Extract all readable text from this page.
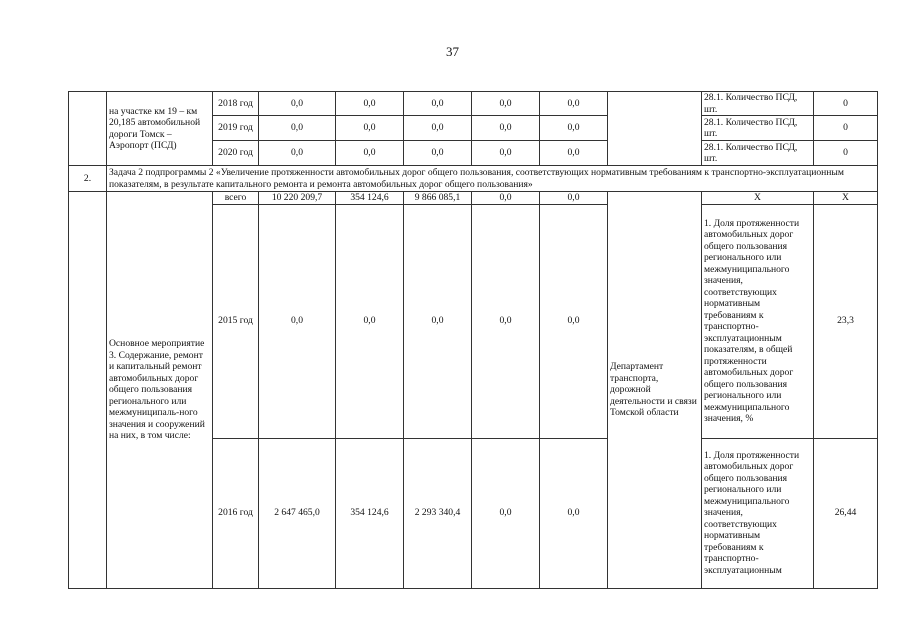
37
	на участке км 19 – км 20,185 автомобильной дороги Томск – Аэропорт (ПСД)	2018 год	0,0	0,0	0,0	0,0	0,0		28.1. Количество ПСД, шт.	0
		2019 год	0,0	0,0	0,0	0,0	0,0		28.1. Количество ПСД, шт.	0
		2020 год	0,0	0,0	0,0	0,0	0,0		28.1. Количество ПСД, шт.	0
2.	Задача 2 подпрограммы 2 «Увеличение протяженности автомобильных дорог общего пользования, соответствующих нормативным требованиям к транспортно-эксплуатационным показателям, в результате капитального ремонта и ремонта автомобильных дорог общего пользования»									
	Основное мероприятие 3. Содержание, ремонт и капитальный ремонт автомобильных дорог общего пользования регионального или межмуниципаль-ного значения и сооружений на них, в том числе:	всего	10 220 209,7	354 124,6	9 866 085,1	0,0	0,0	Департамент транспорта, дорожной деятельности и связи Томской области	X	X
		2015 год	0,0	0,0	0,0	0,0	0,0		1. Доля протяженности автомобильных дорог общего пользования регионального или межмуниципального значения, соответствующих нормативным требованиям к транспортно-эксплуатационным показателям, в общей протяженности автомобильных дорог общего пользования регионального или межмуниципального значения, %	23,3
		2016 год	2 647 465,0	354 124,6	2 293 340,4	0,0	0,0		1. Доля протяженности автомобильных дорог общего пользования регионального или межмуниципального значения, соответствующих нормативным требованиям к транспортно-эксплуатационным	26,44
